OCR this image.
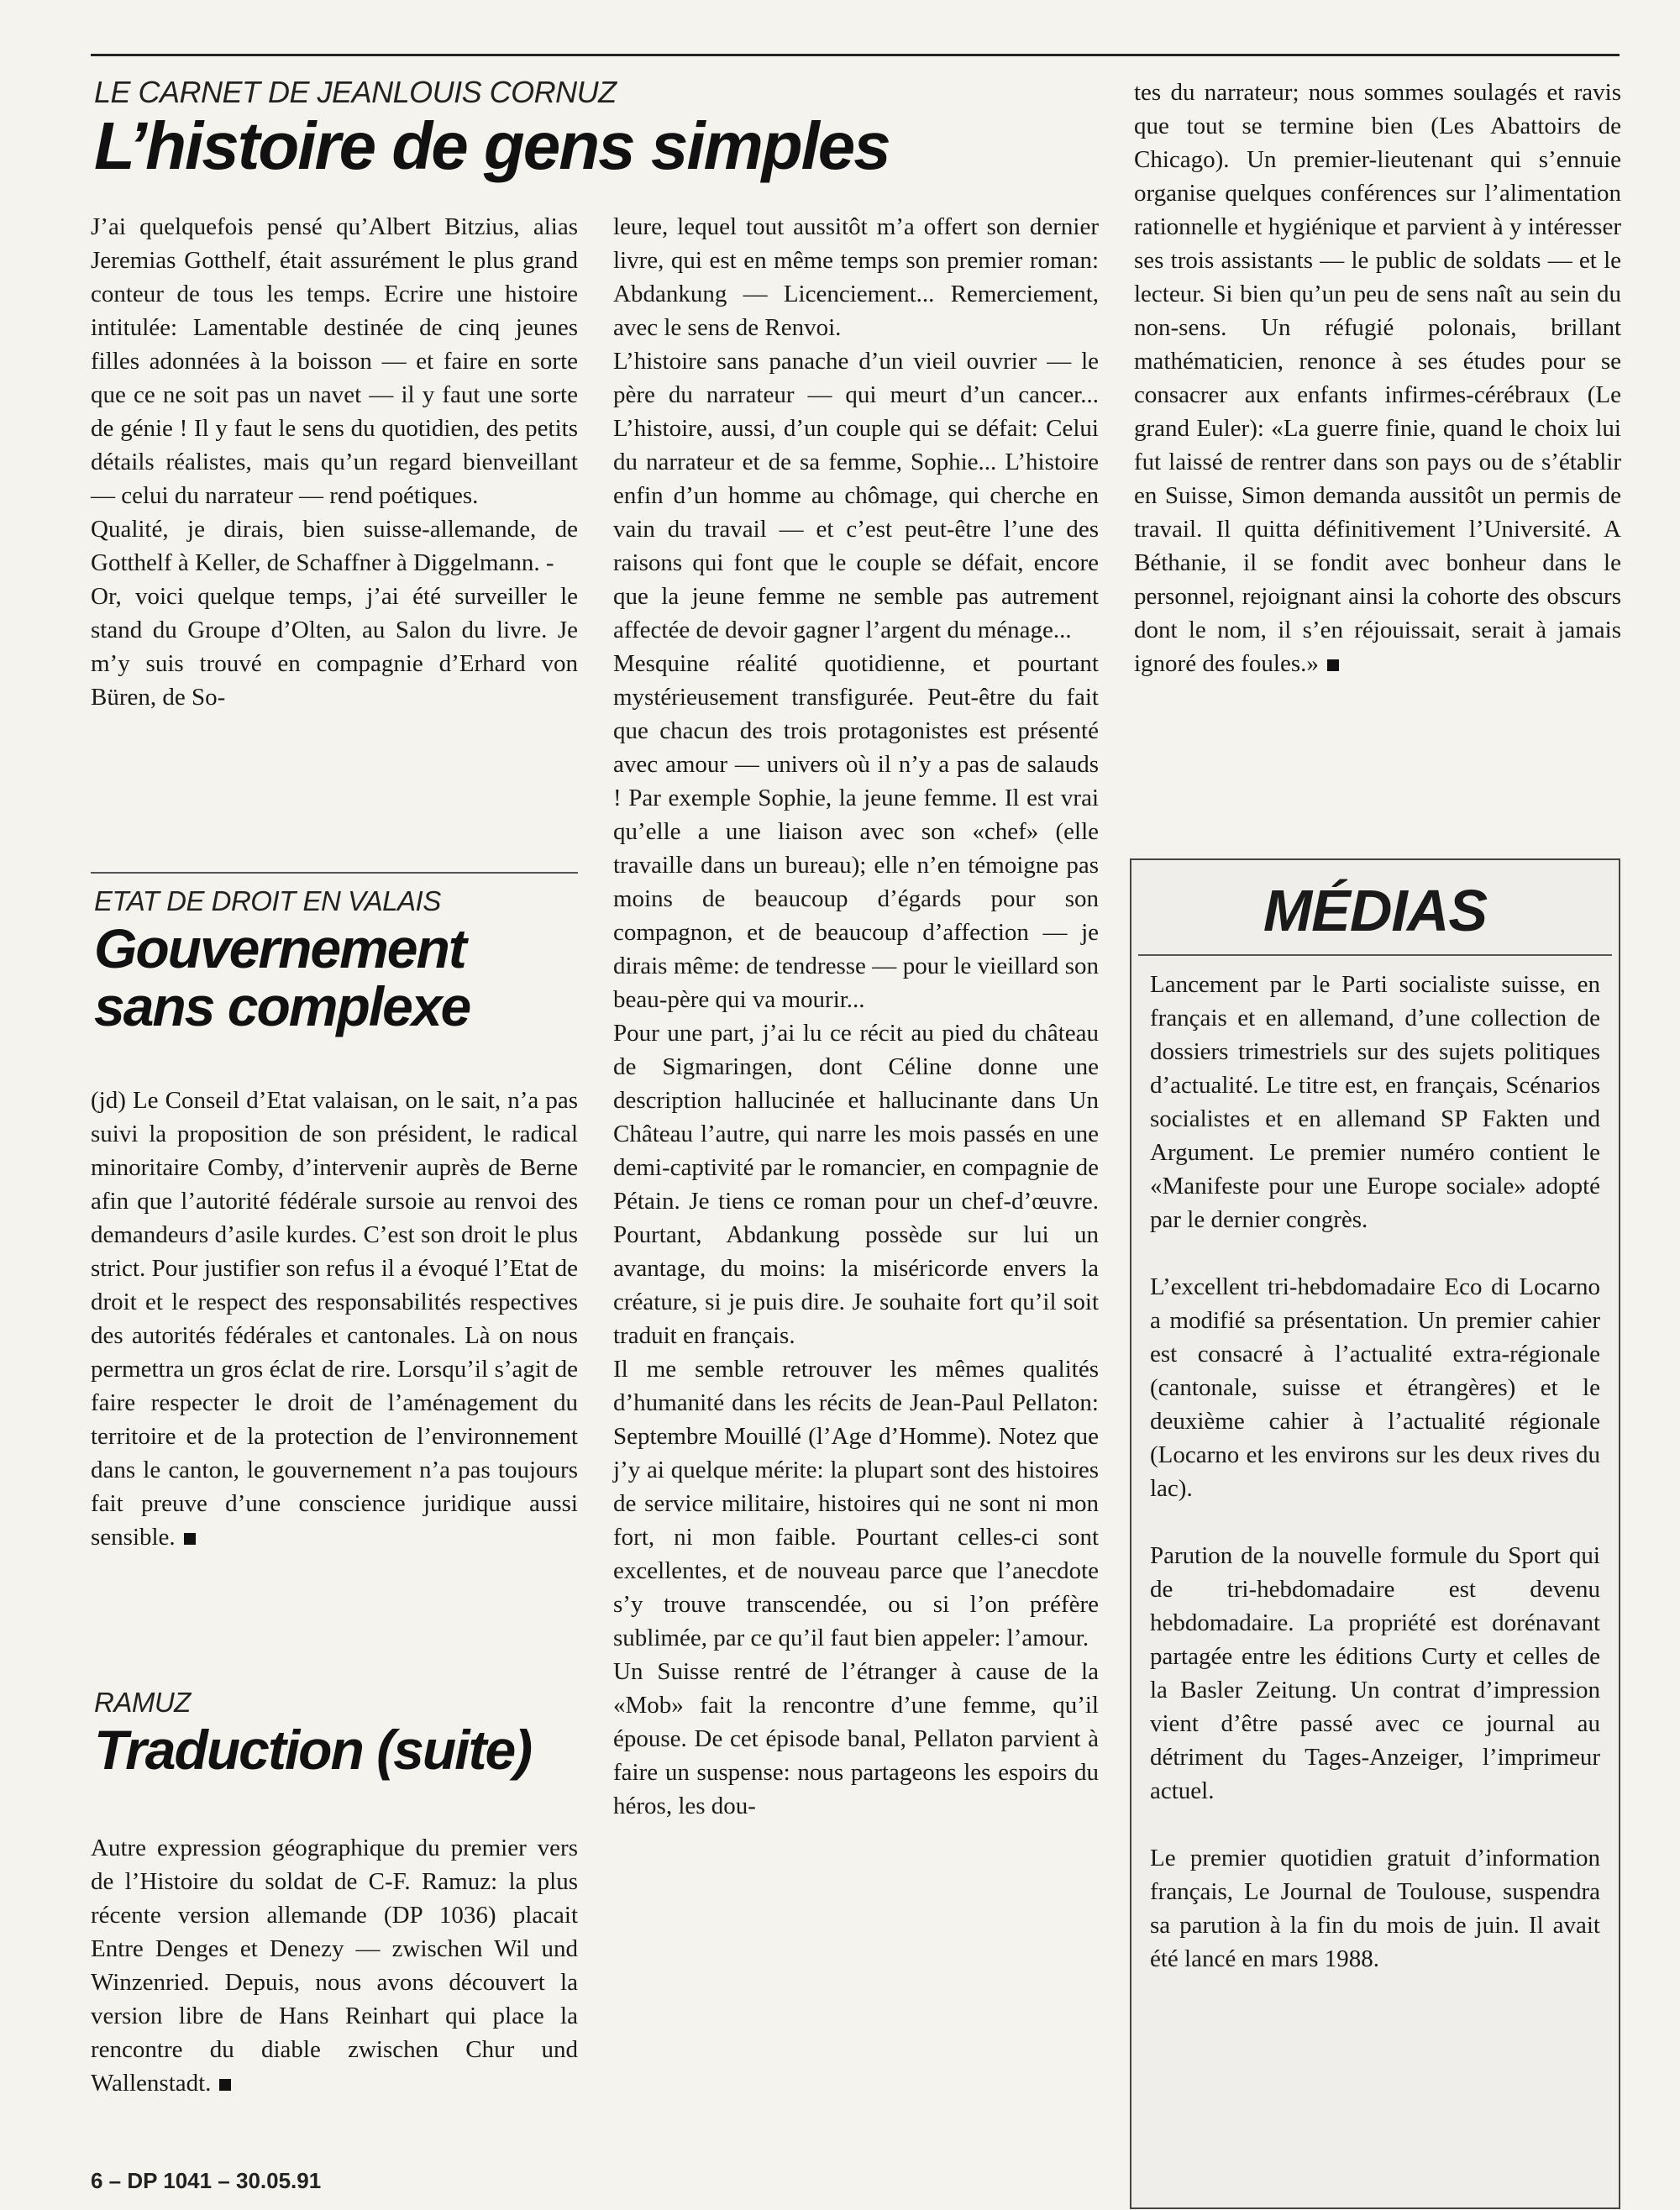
LE CARNET DE JEANLOUIS CORNUZ

L’histoire de gens simples

J’ai quelquefois pensé qu’Albert Bitzius, alias Jeremias Gotthelf, était assurément le plus grand conteur de tous les temps. Ecrire une histoire intitulée: Lamentable destinée de cinq jeunes filles adonnées à la boisson — et faire en sorte que ce ne soit pas un navet — il y faut une sorte de génie ! Il y faut le sens du quotidien, des petits détails réalistes, mais qu’un regard bienveillant — celui du narrateur — rend poétiques.

Qualité, je dirais, bien suisse-allemande, de Gotthelf à Keller, de Schaffner à Diggelmann. -

Or, voici quelque temps, j’ai été surveiller le stand du Groupe d’Olten, au Salon du livre. Je m’y suis trouvé en compagnie d’Erhard von Büren, de So-

ETAT DE DROIT EN VALAIS

Gouvernement
sans complexe

(jd) Le Conseil d’Etat valaisan, on le sait, n’a pas suivi la proposition de son président, le radical minoritaire Comby, d’intervenir auprès de Berne afin que l’autorité fédérale sursoie au renvoi des demandeurs d’asile kurdes. C’est son droit le plus strict. Pour justifier son refus il a évoqué l’Etat de droit et le respect des responsabilités respectives des autorités fédérales et cantonales. Là on nous permettra un gros éclat de rire. Lorsqu’il s’agit de faire respecter le droit de l’aménagement du territoire et de la protection de l’environnement dans le canton, le gouvernement n’a pas toujours fait preuve d’une conscience juridique aussi sensible.

RAMUZ

Traduction (suite)

Autre expression géographique du premier vers de l’Histoire du soldat de C-F. Ramuz: la plus récente version allemande (DP 1036) placait Entre Denges et Denezy — zwischen Wil und Winzenried. Depuis, nous avons découvert la version libre de Hans Reinhart qui place la rencontre du diable zwischen Chur und Wallenstadt.

leure, lequel tout aussitôt m’a offert son dernier livre, qui est en même temps son premier roman: Abdankung — Licenciement... Remerciement, avec le sens de Renvoi.

L’histoire sans panache d’un vieil ouvrier — le père du narrateur — qui meurt d’un cancer... L’histoire, aussi, d’un couple qui se défait: Celui du narrateur et de sa femme, Sophie... L’histoire enfin d’un homme au chômage, qui cherche en vain du travail — et c’est peut-être l’une des raisons qui font que le couple se défait, encore que la jeune femme ne semble pas autrement affectée de devoir gagner l’argent du ménage...

Mesquine réalité quotidienne, et pourtant mystérieusement transfigurée. Peut-être du fait que chacun des trois protagonistes est présenté avec amour — univers où il n’y a pas de salauds ! Par exemple Sophie, la jeune femme. Il est vrai qu’elle a une liaison avec son «chef» (elle travaille dans un bureau); elle n’en témoigne pas moins de beaucoup d’égards pour son compagnon, et de beaucoup d’affection — je dirais même: de tendresse — pour le vieillard son beau-père qui va mourir...

Pour une part, j’ai lu ce récit au pied du château de Sigmaringen, dont Céline donne une description hallucinée et hallucinante dans Un Château l’autre, qui narre les mois passés en une demi-captivité par le romancier, en compagnie de Pétain. Je tiens ce roman pour un chef-d’œuvre. Pourtant, Abdankung possède sur lui un avantage, du moins: la miséricorde envers la créature, si je puis dire. Je souhaite fort qu’il soit traduit en français.

Il me semble retrouver les mêmes qualités d’humanité dans les récits de Jean-Paul Pellaton: Septembre Mouillé (l’Age d’Homme). Notez que j’y ai quelque mérite: la plupart sont des histoires de service militaire, histoires qui ne sont ni mon fort, ni mon faible. Pourtant celles-ci sont excellentes, et de nouveau parce que l’anecdote s’y trouve transcendée, ou si l’on préfère sublimée, par ce qu’il faut bien appeler: l’amour.

Un Suisse rentré de l’étranger à cause de la «Mob» fait la rencontre d’une femme, qu’il épouse. De cet épisode banal, Pellaton parvient à faire un suspense: nous partageons les espoirs du héros, les dou-

tes du narrateur; nous sommes soulagés et ravis que tout se termine bien (Les Abattoirs de Chicago). Un premier-lieutenant qui s’ennuie organise quelques conférences sur l’alimentation rationnelle et hygiénique et parvient à y intéresser ses trois assistants — le public de soldats — et le lecteur. Si bien qu’un peu de sens naît au sein du non-sens. Un réfugié polonais, brillant mathématicien, renonce à ses études pour se consacrer aux enfants infirmes-cérébraux (Le grand Euler): «La guerre finie, quand le choix lui fut laissé de rentrer dans son pays ou de s’établir en Suisse, Simon demanda aussitôt un permis de travail. Il quitta définitivement l’Université. A Béthanie, il se fondit avec bonheur dans le personnel, rejoignant ainsi la cohorte des obscurs dont le nom, il s’en réjouissait, serait à jamais ignoré des foules.»

MÉDIAS

Lancement par le Parti socialiste suisse, en français et en allemand, d’une collection de dossiers trimestriels sur des sujets politiques d’actualité. Le titre est, en français, Scénarios socialistes et en allemand SP Fakten und Argument. Le premier numéro contient le «Manifeste pour une Europe sociale» adopté par le dernier congrès.

L’excellent tri-hebdomadaire Eco di Locarno a modifié sa présentation. Un premier cahier est consacré à l’actualité extra-régionale (cantonale, suisse et étrangères) et le deuxième cahier à l’actualité régionale (Locarno et les environs sur les deux rives du lac).

Parution de la nouvelle formule du Sport qui de tri-hebdomadaire est devenu hebdomadaire. La propriété est dorénavant partagée entre les éditions Curty et celles de la Basler Zeitung. Un contrat d’impression vient d’être passé avec ce journal au détriment du Tages-Anzeiger, l’imprimeur actuel.

Le premier quotidien gratuit d’information français, Le Journal de Toulouse, suspendra sa parution à la fin du mois de juin. Il avait été lancé en mars 1988.

6 – DP 1041 – 30.05.91
